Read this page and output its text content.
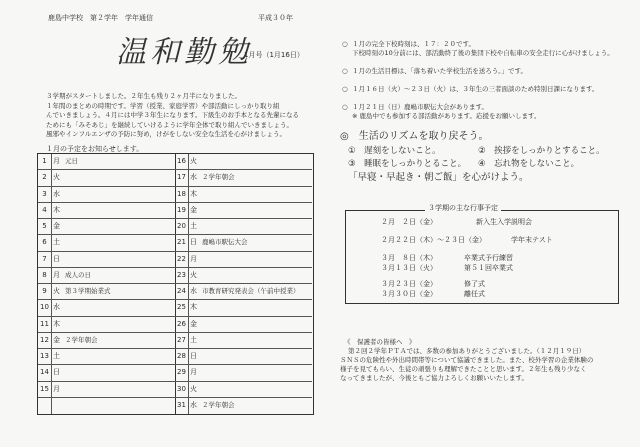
鹿島中学校　第２学年　学年通信
温和勤勉
平成３０年
1月号（1月16日）
３学期がスタートしました。２年生も残り２ヶ月半になりました。
１年間のまとめの時期です。学習（授業、家庭学習）や部活動にしっかり取り組
んでいきましょう。４月には中学３年生になります。下級生のお手本となる先輩になる
ためにも「みそあじ」を継続していけるように学年全体で取り組んでいきましょう。
風邪やインフルエンザの予防に努め，けがをしない安全な生活を心がけましょう。
１月の予定をお知らせします。
1 月 元日
2 火
3 水
4 木
5 金
6 土
7 日
8 月 成人の日
9 火 第３学期始業式
10 水
11 木
12 金 ２学年朝会
13 土
14 日
15 月
16 火
17 水 ２学年朝会
18 木
19 金
20 土
21 日 鹿嶋市駅伝大会
22 月
23 火
24 水 市教育研究発表会（午前中授業）
25 木
26 金
27 土
28 日
29 月
30 火
31 水 ２学年朝会
○ １月の完全下校時刻は、１７：２０です。
下校時刻の10分前には、部活動終了後の集団下校や自転車の安全走行に心がけましょう。
○ １月の生活目標は、「落ち着いた学校生活を送ろう。」です。
○ １月１６日（火）～２３日（火）は、３年生の三者面談のため特別日課になります。
○ １月２１日（日）鹿嶋市駅伝大会があります。
※ 鹿島中でも参加する部活動があります。応援をお願いします。
◎　生活のリズムを取り戻そう。
①　遅刻をしないこと。	②　挨拶をしっかりとすること。
③　睡眠をしっかりとること。 ④　忘れ物をしないこと。
「早寝・早起き・朝ご飯」を心がけよう。
２月　２日（金）	新入生入学説明会
２月２２日（木）～２３日（金）	学年末テスト
３月　８日（木）	卒業式予行練習
３月１３日（火）	第５１回卒業式
３月２３日（金）	修了式
３月３０日（金）	離任式
３学期の主な行事予定
《　保護者の皆様へ　》
第２回２学年ＰＴＡでは、多数の参加ありがとうございました。（１２月１９日）
ＳＮＳの危険性や外出時間帯等について協議できました。また、校外学習の企業体験の
様子を見てもらい、生徒の頑張りも理解できたことと思います。２年生も残り少なく
なってきましたが、今後ともご協力よろしくお願いいたします。
